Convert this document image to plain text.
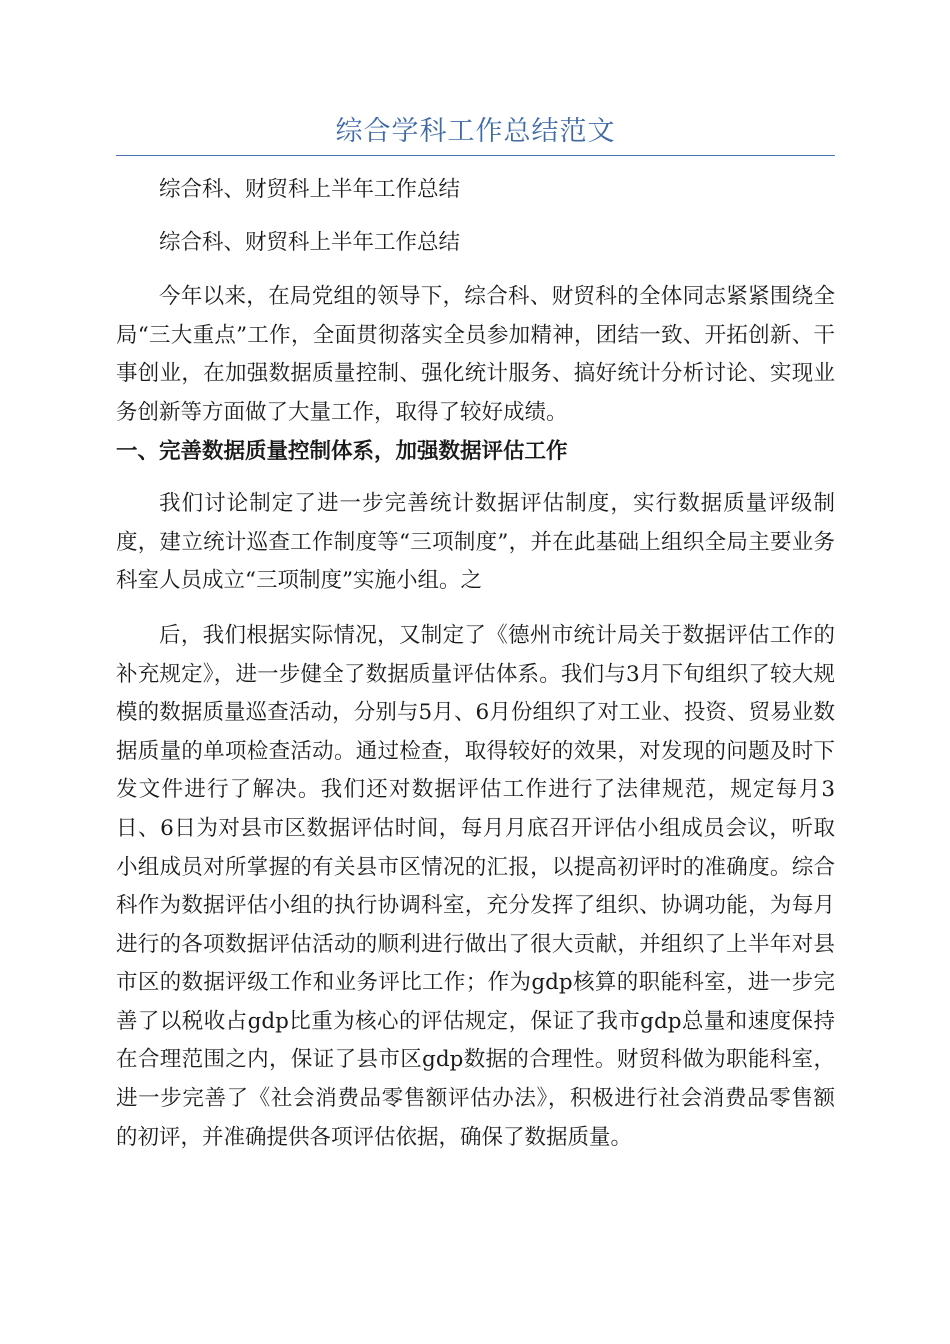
综合学科工作总结范文

综合科、财贸科上半年工作总结

综合科、财贸科上半年工作总结

今年以来，在局党组的领导下，综合科、财贸科的全体同志紧紧围绕全局“三大重点”工作，全面贯彻落实全员参加精神，团结一致、开拓创新、干事创业，在加强数据质量控制、强化统计服务、搞好统计分析讨论、实现业务创新等方面做了大量工作，取得了较好成绩。

一、完善数据质量控制体系，加强数据评估工作

我们讨论制定了进一步完善统计数据评估制度，实行数据质量评级制度，建立统计巡查工作制度等“三项制度”，并在此基础上组织全局主要业务科室人员成立“三项制度”实施小组。之

后，我们根据实际情况，又制定了《德州市统计局关于数据评估工作的补充规定》，进一步健全了数据质量评估体系。我们与3月下旬组织了较大规模的数据质量巡查活动，分别与5月、6月份组织了对工业、投资、贸易业数据质量的单项检查活动。通过检查，取得较好的效果，对发现的问题及时下发文件进行了解决。我们还对数据评估工作进行了法律规范，规定每月3日、6日为对县市区数据评估时间，每月月底召开评估小组成员会议，听取小组成员对所掌握的有关县市区情况的汇报，以提高初评时的准确度。综合科作为数据评估小组的执行协调科室，充分发挥了组织、协调功能，为每月进行的各项数据评估活动的顺利进行做出了很大贡献，并组织了上半年对县市区的数据评级工作和业务评比工作；作为gdp核算的职能科室，进一步完善了以税收占gdp比重为核心的评估规定，保证了我市gdp总量和速度保持在合理范围之内，保证了县市区gdp数据的合理性。财贸科做为职能科室，进一步完善了《社会消费品零售额评估办法》，积极进行社会消费品零售额的初评，并准确提供各项评估依据，确保了数据质量。
